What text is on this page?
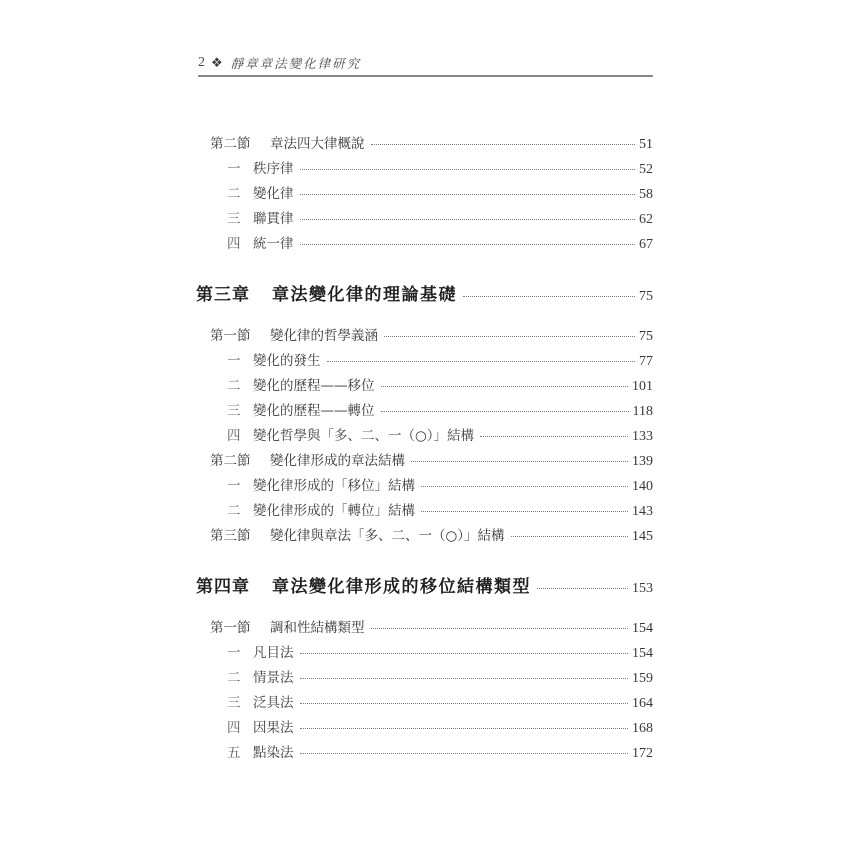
2 ❖ 靜章章法變化律研究
第二節	章法四大律概說	51
一 秩序律	52
二 變化律	58
三 聯貫律	62
四 統一律	67
第三章	章法變化律的理論基礎	75
第一節	變化律的哲學義涵	75
一 變化的發生	77
二 變化的歷程——移位	101
三 變化的歷程——轉位	118
四 變化哲學與「多、二、一（○）」結構	133
第二節	變化律形成的章法結構	139
一 變化律形成的「移位」結構	140
二 變化律形成的「轉位」結構	143
第三節	變化律與章法「多、二、一（○）」結構	145
第四章	章法變化律形成的移位結構類型	153
第一節	調和性結構類型	154
一 凡目法	154
二 情景法	159
三 泛具法	164
四 因果法	168
五 點染法	172
